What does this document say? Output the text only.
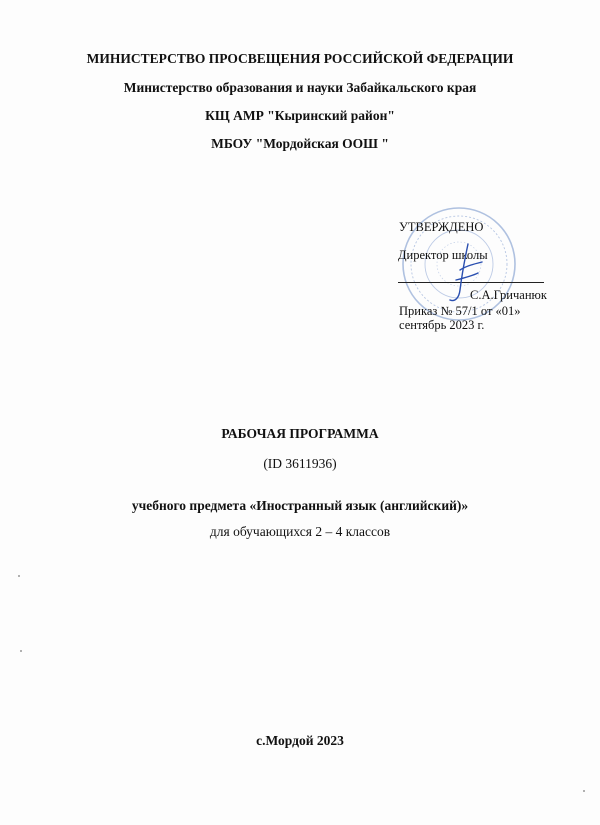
МИНИСТЕРСТВО ПРОСВЕЩЕНИЯ РОССИЙСКОЙ ФЕДЕРАЦИИ
Министерство образования и науки Забайкальского края
КЩ АМР "Кыринский район"
МБОУ "Мордойская ООШ "
УТВЕРЖДЕНО
Директор школы
С.А.Гричанюк
Приказ № 57/1 от «01»
сентябрь 2023 г.
РАБОЧАЯ ПРОГРАММА
(ID 3611936)
учебного предмета «Иностранный язык (английский)»
для обучающихся 2 – 4 классов
с.Мордой 2023
